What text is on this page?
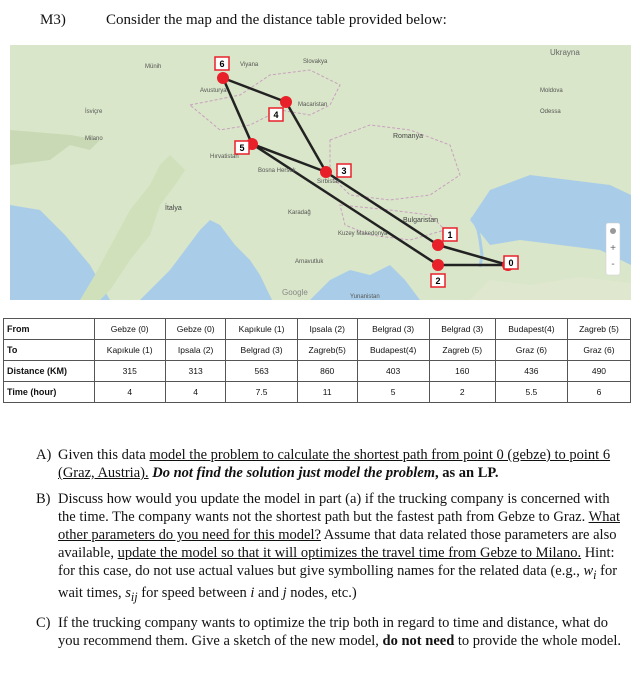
M3)	Consider the map and the distance table provided below:
0
1
2
3
4
5
6
Ukrayna
Romanya
İtalya
Bulgaristan
Moldova
Slovakya
Avusturya
Macaristan
İsviçre
Hırvatistan
Bosna Hersek
Sırbistan
Karadağ
Kuzey Makedonya
Arnavutluk
Yunanistan
Odessa
Milano
Münih	Viyana
Google
+
-
From	Gebze (0)	Gebze (0)	Kapıkule (1)	Ipsala (2)	Belgrad (3)	Belgrad (3)	Budapest(4)	Zagreb (5)
To	Kapıkule (1)	Ipsala (2)	Belgrad (3)	Zagreb(5)	Budapest(4)	Zagreb (5)	Graz (6)	Graz (6)
Distance (KM)	315	313	563	860	403	160	436	490
Time (hour)	4	4	7.5	11	5	2	5.5	6
A) Given this data model the problem to calculate the shortest path from point 0 (gebze) to point 6 (Graz, Austria). Do not find the solution just model the problem, as an LP.
B) Discuss how would you update the model in part (a) if the trucking company is concerned with the time. The company wants not the shortest path but the fastest path from Gebze to Graz. What other parameters do you need for this model? Assume that data related those parameters are also available, update the model so that it will optimizes the travel time from Gebze to Milano. Hint: for this case, do not use actual values but give symbolling names for the related data (e.g., $w_i$ for wait times, $s_{ij}$ for speed between i and j nodes, etc.)
C) If the trucking company wants to optimize the trip both in regard to time and distance, what do you recommend them. Give a sketch of the new model, do not need to provide the whole model.
